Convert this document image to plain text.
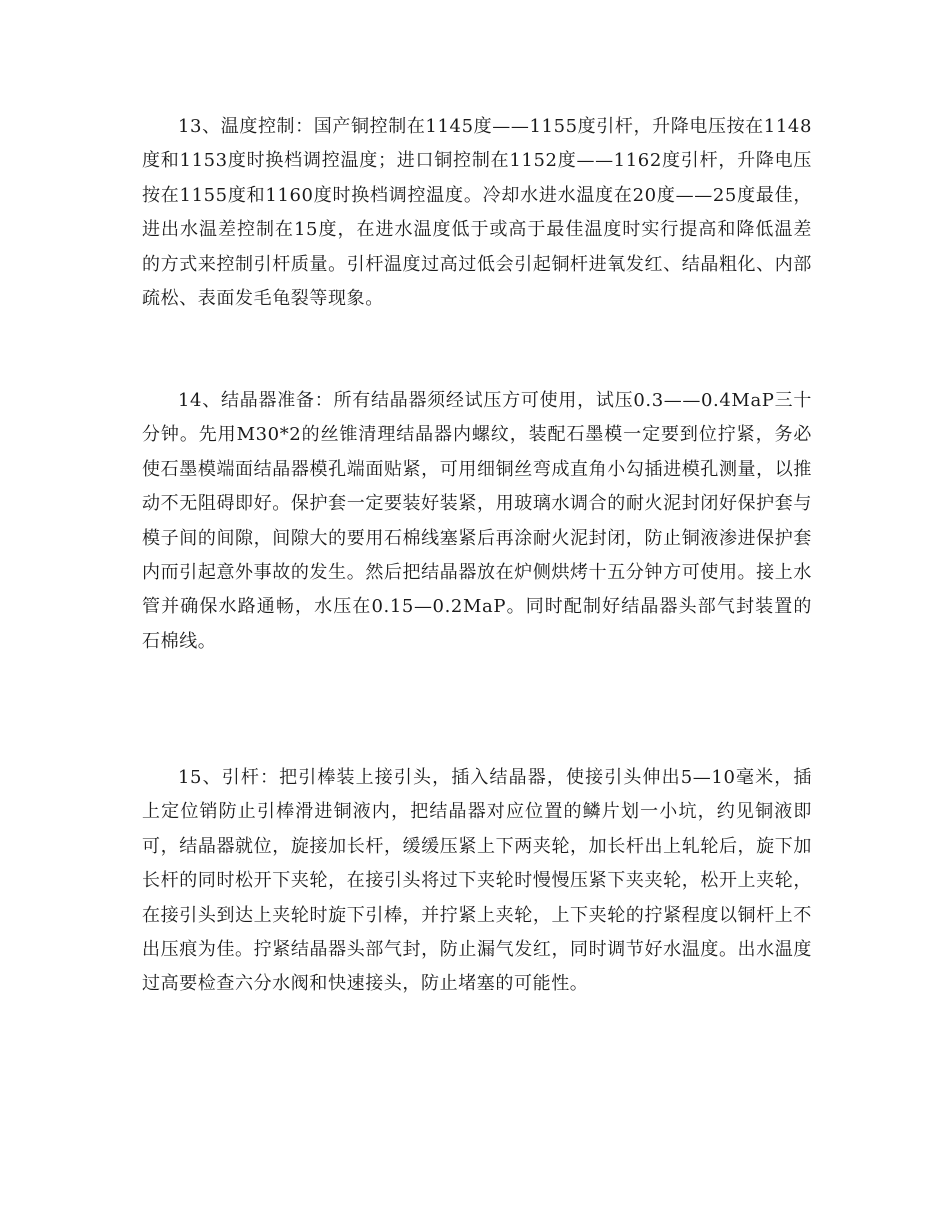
13、温度控制：国产铜控制在1145度——1155度引杆，升降电压按在1148度和1153度时换档调控温度；进口铜控制在1152度——1162度引杆，升降电压按在1155度和1160度时换档调控温度。冷却水进水温度在20度——25度最佳，进出水温差控制在15度，在进水温度低于或高于最佳温度时实行提高和降低温差的方式来控制引杆质量。引杆温度过高过低会引起铜杆进氧发红、结晶粗化、内部疏松、表面发毛龟裂等现象。

14、结晶器准备：所有结晶器须经试压方可使用，试压0.3——0.4MaP三十分钟。先用M30*2的丝锥清理结晶器内螺纹，装配石墨模一定要到位拧紧，务必使石墨模端面结晶器模孔端面贴紧，可用细铜丝弯成直角小勾插进模孔测量，以推动不无阻碍即好。保护套一定要装好装紧，用玻璃水调合的耐火泥封闭好保护套与模子间的间隙，间隙大的要用石棉线塞紧后再涂耐火泥封闭，防止铜液渗进保护套内而引起意外事故的发生。然后把结晶器放在炉侧烘烤十五分钟方可使用。接上水管并确保水路通畅，水压在0.15—0.2MaP。同时配制好结晶器头部气封装置的石棉线。

15、引杆：把引棒装上接引头，插入结晶器，使接引头伸出5—10毫米，插上定位销防止引棒滑进铜液内，把结晶器对应位置的鳞片划一小坑，约见铜液即可，结晶器就位，旋接加长杆，缓缓压紧上下两夹轮，加长杆出上轧轮后，旋下加长杆的同时松开下夹轮，在接引头将过下夹轮时慢慢压紧下夹夹轮，松开上夹轮，在接引头到达上夹轮时旋下引棒，并拧紧上夹轮，上下夹轮的拧紧程度以铜杆上不出压痕为佳。拧紧结晶器头部气封，防止漏气发红，同时调节好水温度。出水温度过高要检查六分水阀和快速接头，防止堵塞的可能性。
